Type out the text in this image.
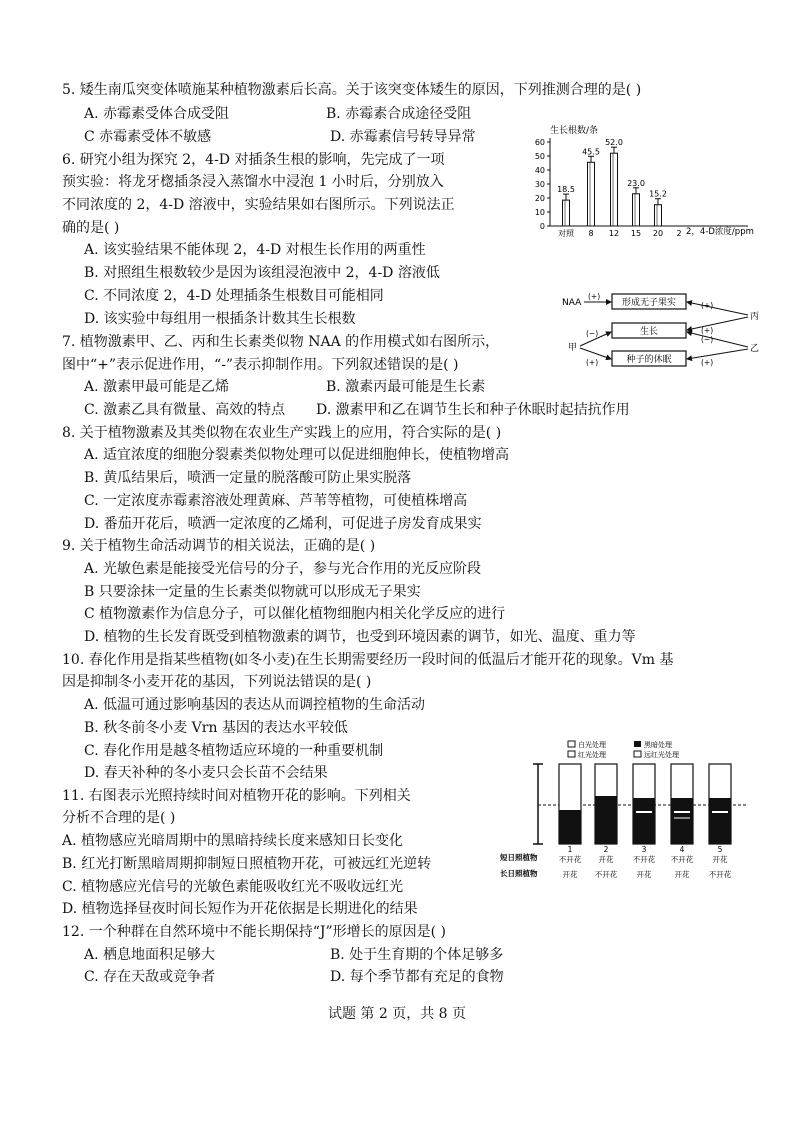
5. 矮生南瓜突变体喷施某种植物激素后长高。关于该突变体矮生的原因，下列推测合理的是( )
A. 赤霉素受体合成受阻	B. 赤霉素合成途径受阻
C 赤霉素受体不敏感	D. 赤霉素信号转导异常
6. 研究小组为探究 2，4-D 对插条生根的影响，先完成了一项
预实验：将龙牙楤插条浸入蒸馏水中浸泡 1 小时后，分别放入
不同浓度的 2，4-D 溶液中，实验结果如右图所示。下列说法正
确的是( )
A. 该实验结果不能体现 2，4-D 对根生长作用的两重性
B. 对照组生根数较少是因为该组浸泡液中 2，4-D 溶液低
C. 不同浓度 2，4-D 处理插条生根数目可能相同
D. 该实验中每组用一根插条计数其生长根数
生长根数/条
2，4-D浓度/ppm
0
10
20
30
40
50
60
18.5
对照
45.5
8
52.0
12
23.0
15
15.2
20 2
形成无子果实
生长
种子的休眠
NAA
(+)
甲
(−)
(+)
丙
(+)
(+)
乙
(−)
(+)
7. 植物激素甲、乙、丙和生长素类似物 NAA 的作用模式如右图所示，
图中“+”表示促进作用，“-”表示抑制作用。下列叙述错误的是( )
A. 激素甲最可能是乙烯	B. 激素丙最可能是生长素
C. 激素乙具有微量、高效的特点 D. 激素甲和乙在调节生长和种子休眠时起拮抗作用
8. 关于植物激素及其类似物在农业生产实践上的应用，符合实际的是( )
A. 适宜浓度的细胞分裂素类似物处理可以促进细胞伸长，使植物增高
B. 黄瓜结果后，喷洒一定量的脱落酸可防止果实脱落
C. 一定浓度赤霉素溶液处理黄麻、芦苇等植物，可使植株增高
D. 番茄开花后，喷洒一定浓度的乙烯利，可促进子房发育成果实
9. 关于植物生命活动调节的相关说法，正确的是( )
A. 光敏色素是能接受光信号的分子，参与光合作用的光反应阶段
B 只要涂抹一定量的生长素类似物就可以形成无子果实
C 植物激素作为信息分子，可以催化植物细胞内相关化学反应的进行
D. 植物的生长发育既受到植物激素的调节，也受到环境因素的调节，如光、温度、重力等
10. 春化作用是指某些植物(如冬小麦)在生长期需要经历一段时间的低温后才能开花的现象。Vm 基
因是抑制冬小麦开花的基因，下列说法错误的是( )
A. 低温可通过影响基因的表达从而调控植物的生命活动
B. 秋冬前冬小麦 Vrn 基因的表达水平较低
C. 春化作用是越冬植物适应环境的一种重要机制
D. 春天补种的冬小麦只会长苗不会结果
白光处理	黑暗处理
红光处理	远红光处理
短日照植物
长日照植物
1
不开花
开花
2
开花
不开花
3
不开花
开花
4
不开花
开花
5
开花
不开花
11. 右图表示光照持续时间对植物开花的影响。下列相关
分析不合理的是( )
A. 植物感应光暗周期中的黑暗持续长度来感知日长变化
B. 红光打断黑暗周期抑制短日照植物开花，可被远红光逆转
C. 植物感应光信号的光敏色素能吸收红光不吸收远红光
D. 植物选择昼夜时间长短作为开花依据是长期进化的结果
12. 一个种群在自然环境中不能长期保持“J”形增长的原因是( )
A. 栖息地面积足够大	B. 处于生育期的个体足够多
C. 存在天敌或竞争者	D. 每个季节都有充足的食物
试题 第 2 页，共 8 页
